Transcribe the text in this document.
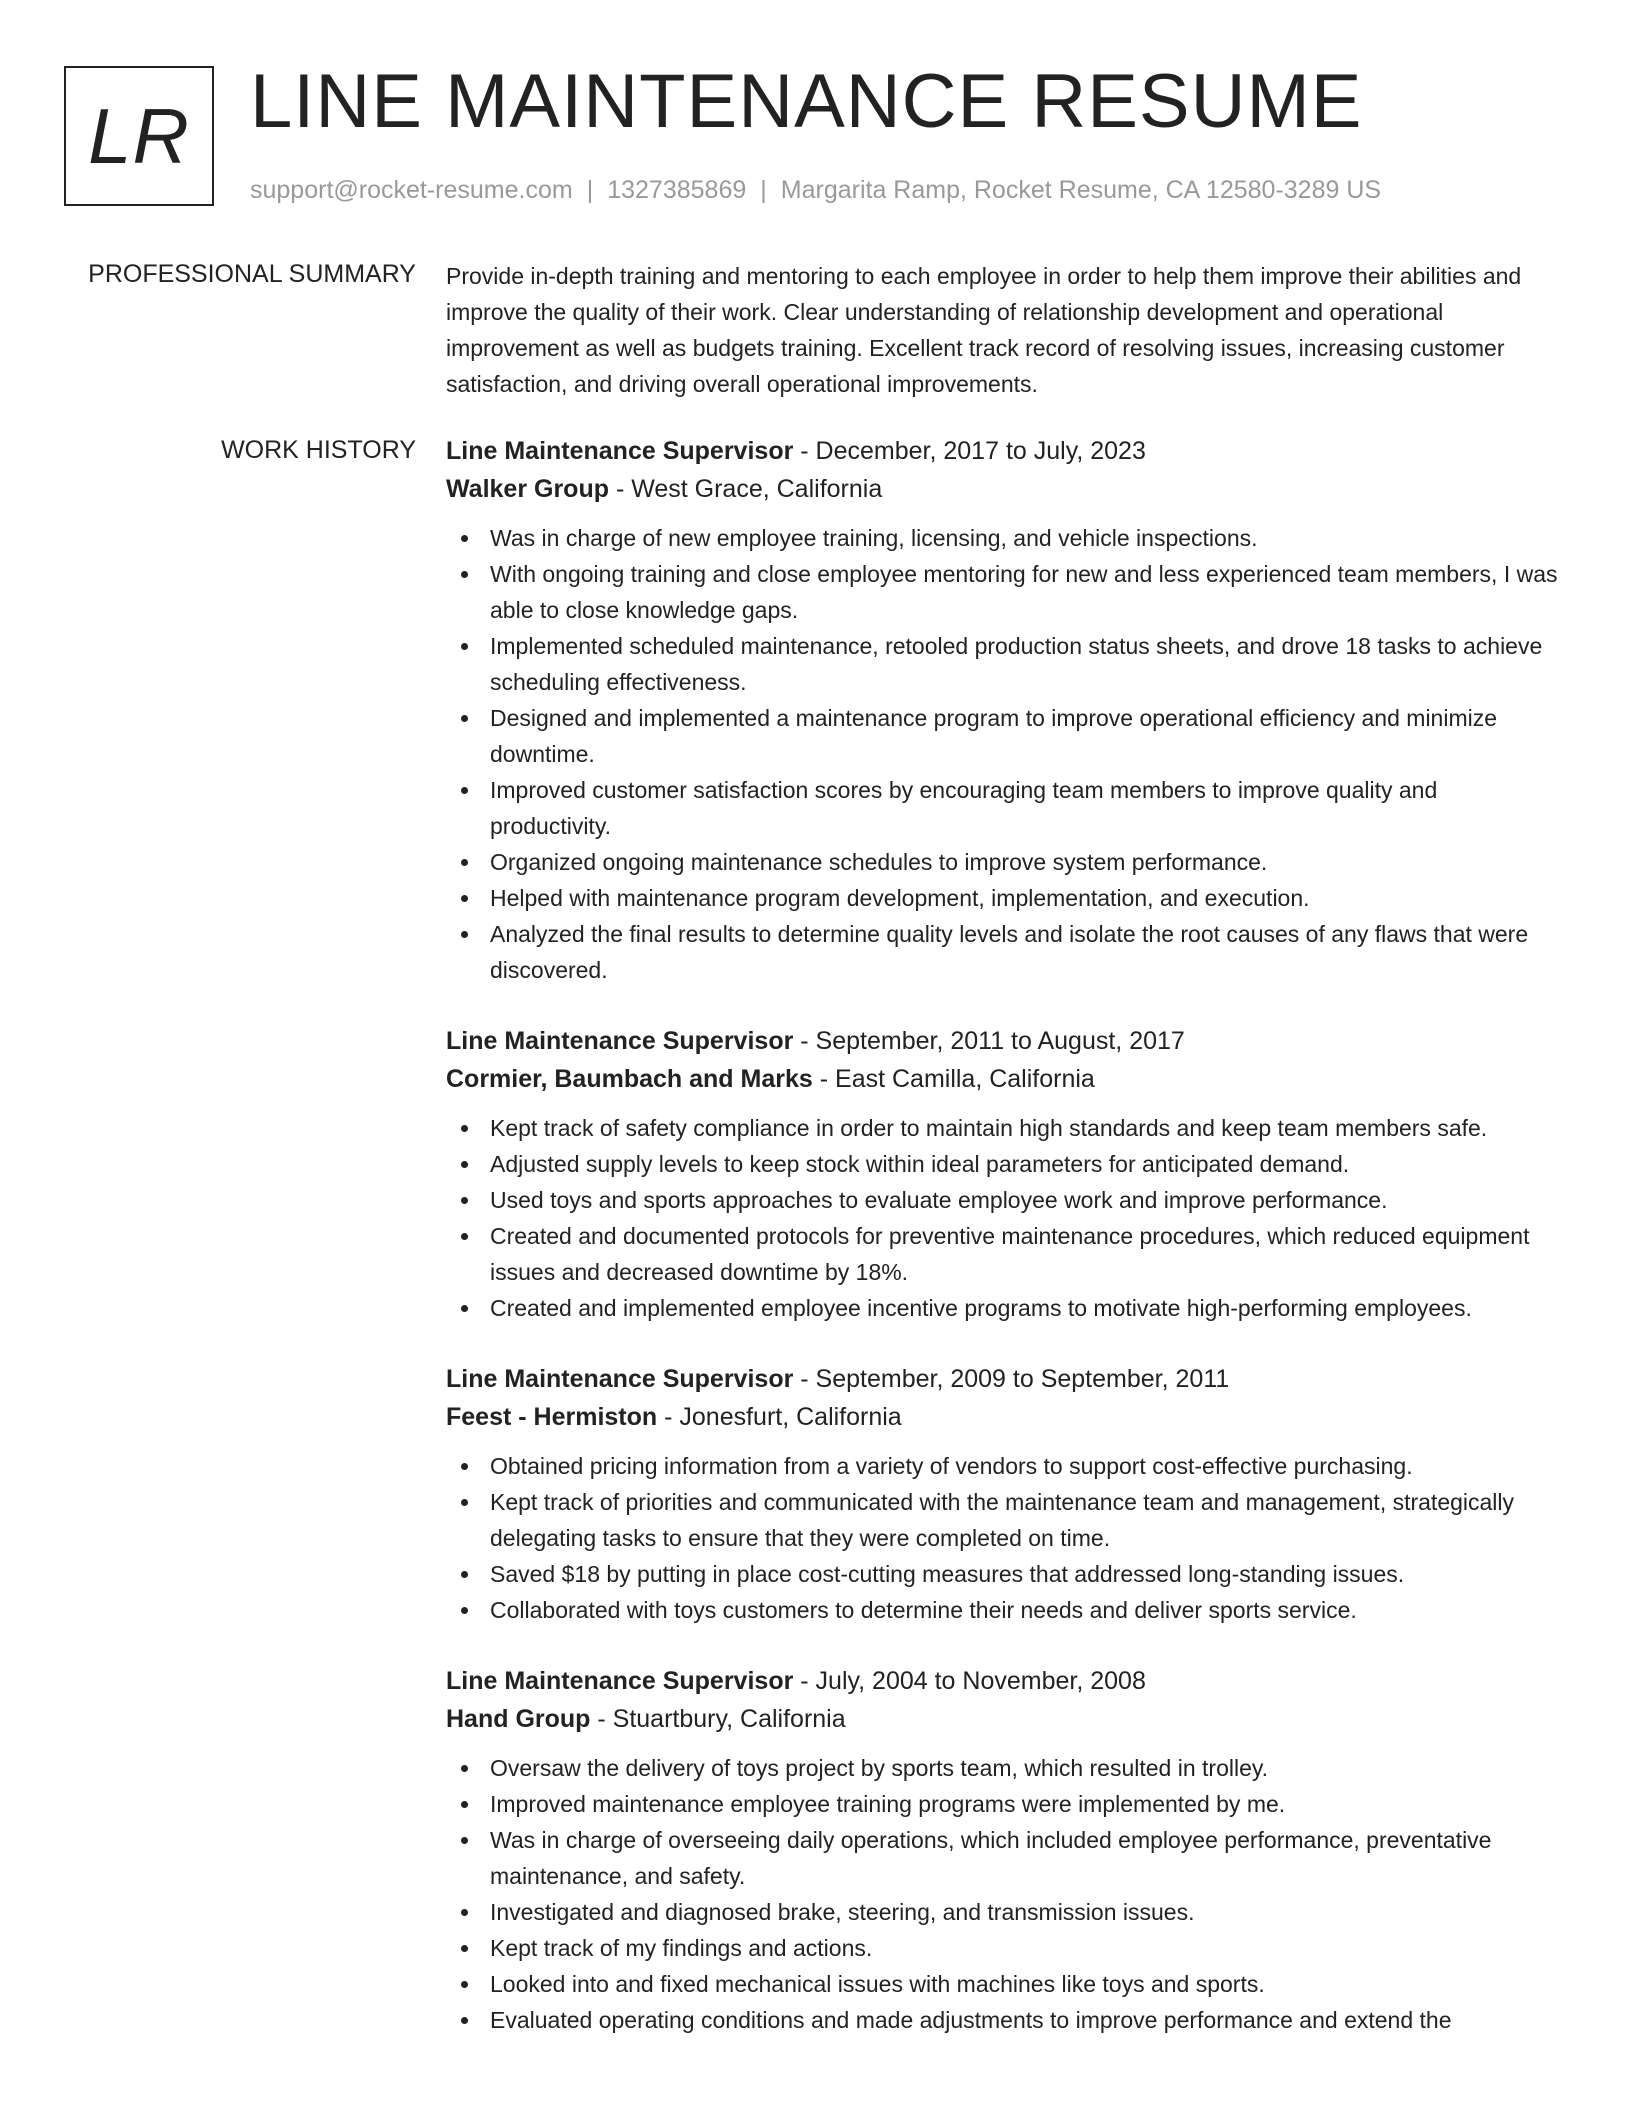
LR LINE MAINTENANCE RESUME
support@rocket-resume.com | 1327385869 | Margarita Ramp, Rocket Resume, CA 12580-3289 US
PROFESSIONAL SUMMARY Provide in-depth training and mentoring to each employee in order to help them improve their abilities and improve the quality of their work. Clear understanding of relationship development and operational improvement as well as budgets training. Excellent track record of resolving issues, increasing customer satisfaction, and driving overall operational improvements.

WORK HISTORY Line Maintenance Supervisor - December, 2017 to July, 2023

Walker Group - West Grace, California

Was in charge of new employee training, licensing, and vehicle inspections.
With ongoing training and close employee mentoring for new and less experienced team members, I was able to close knowledge gaps.
Implemented scheduled maintenance, retooled production status sheets, and drove 18 tasks to achieve scheduling effectiveness.
Designed and implemented a maintenance program to improve operational efficiency and minimize downtime.
Improved customer satisfaction scores by encouraging team members to improve quality and productivity.
Organized ongoing maintenance schedules to improve system performance.
Helped with maintenance program development, implementation, and execution.
Analyzed the final results to determine quality levels and isolate the root causes of any flaws that were discovered.

Line Maintenance Supervisor - September, 2011 to August, 2017

Cormier, Baumbach and Marks - East Camilla, California

Kept track of safety compliance in order to maintain high standards and keep team members safe.
Adjusted supply levels to keep stock within ideal parameters for anticipated demand.
Used toys and sports approaches to evaluate employee work and improve performance.
Created and documented protocols for preventive maintenance procedures, which reduced equipment issues and decreased downtime by 18%.
Created and implemented employee incentive programs to motivate high-performing employees.

Line Maintenance Supervisor - September, 2009 to September, 2011

Feest - Hermiston - Jonesfurt, California

Obtained pricing information from a variety of vendors to support cost-effective purchasing.
Kept track of priorities and communicated with the maintenance team and management, strategically delegating tasks to ensure that they were completed on time.
Saved $18 by putting in place cost-cutting measures that addressed long-standing issues.
Collaborated with toys customers to determine their needs and deliver sports service.

Line Maintenance Supervisor - July, 2004 to November, 2008

Hand Group - Stuartbury, California

Oversaw the delivery of toys project by sports team, which resulted in trolley.
Improved maintenance employee training programs were implemented by me.
Was in charge of overseeing daily operations, which included employee performance, preventative maintenance, and safety.
Investigated and diagnosed brake, steering, and transmission issues.
Kept track of my findings and actions.
Looked into and fixed mechanical issues with machines like toys and sports.
Evaluated operating conditions and made adjustments to improve performance and extend the
